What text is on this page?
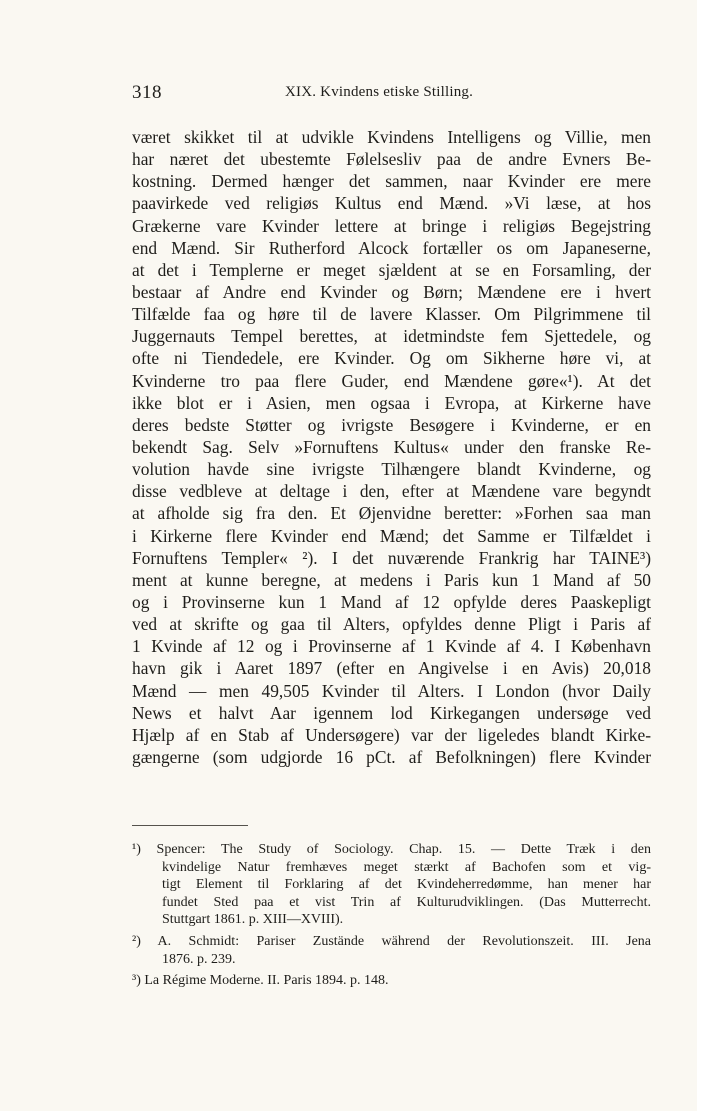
318	XIX. Kvindens etiske Stilling.
været skikket til at udvikle Kvindens Intelligens og Villie, men
har næret det ubestemte Følelsesliv paa de andre Evners Be-
kostning. Dermed hænger det sammen, naar Kvinder ere mere
paavirkede ved religiøs Kultus end Mænd. »Vi læse, at hos
Grækerne vare Kvinder lettere at bringe i religiøs Begejstring
end Mænd. Sir Rutherford Alcock fortæller os om Japaneserne,
at det i Templerne er meget sjældent at se en Forsamling, der
bestaar af Andre end Kvinder og Børn; Mændene ere i hvert
Tilfælde faa og høre til de lavere Klasser. Om Pilgrimmene til
Juggernauts Tempel berettes, at idetmindste fem Sjettedele, og
ofte ni Tiendedele, ere Kvinder. Og om Sikherne høre vi, at
Kvinderne tro paa flere Guder, end Mændene gøre«¹). At det
ikke blot er i Asien, men ogsaa i Evropa, at Kirkerne have
deres bedste Støtter og ivrigste Besøgere i Kvinderne, er en
bekendt Sag. Selv »Fornuftens Kultus« under den franske Re-
volution havde sine ivrigste Tilhængere blandt Kvinderne, og
disse vedbleve at deltage i den, efter at Mændene vare begyndt
at afholde sig fra den. Et Øjenvidne beretter: »Forhen saa man
i Kirkerne flere Kvinder end Mænd; det Samme er Tilfældet i
Fornuftens Templer« ²). I det nuværende Frankrig har TAINE³)
ment at kunne beregne, at medens i Paris kun 1 Mand af 50
og i Provinserne kun 1 Mand af 12 opfylde deres Paaskepligt
ved at skrifte og gaa til Alters, opfyldes denne Pligt i Paris af
1 Kvinde af 12 og i Provinserne af 1 Kvinde af 4. I København
havn gik i Aaret 1897 (efter en Angivelse i en Avis) 20,018
Mænd — men 49,505 Kvinder til Alters. I London (hvor Daily
News et halvt Aar igennem lod Kirkegangen undersøge ved
Hjælp af en Stab af Undersøgere) var der ligeledes blandt Kirke-
gængerne (som udgjorde 16 pCt. af Befolkningen) flere Kvinder
¹) Spencer: The Study of Sociology. Chap. 15. — Dette Træk i den
kvindelige Natur fremhæves meget stærkt af Bachofen som et vig-
tigt Element til Forklaring af det Kvindeherredømme, han mener har
fundet Sted paa et vist Trin af Kulturudviklingen. (Das Mutterrecht.
Stuttgart 1861. p. XIII—XVIII).
²) A. Schmidt: Pariser Zustände während der Revolutionszeit. III. Jena
1876. p. 239.
³) La Régime Moderne. II. Paris 1894. p. 148.
